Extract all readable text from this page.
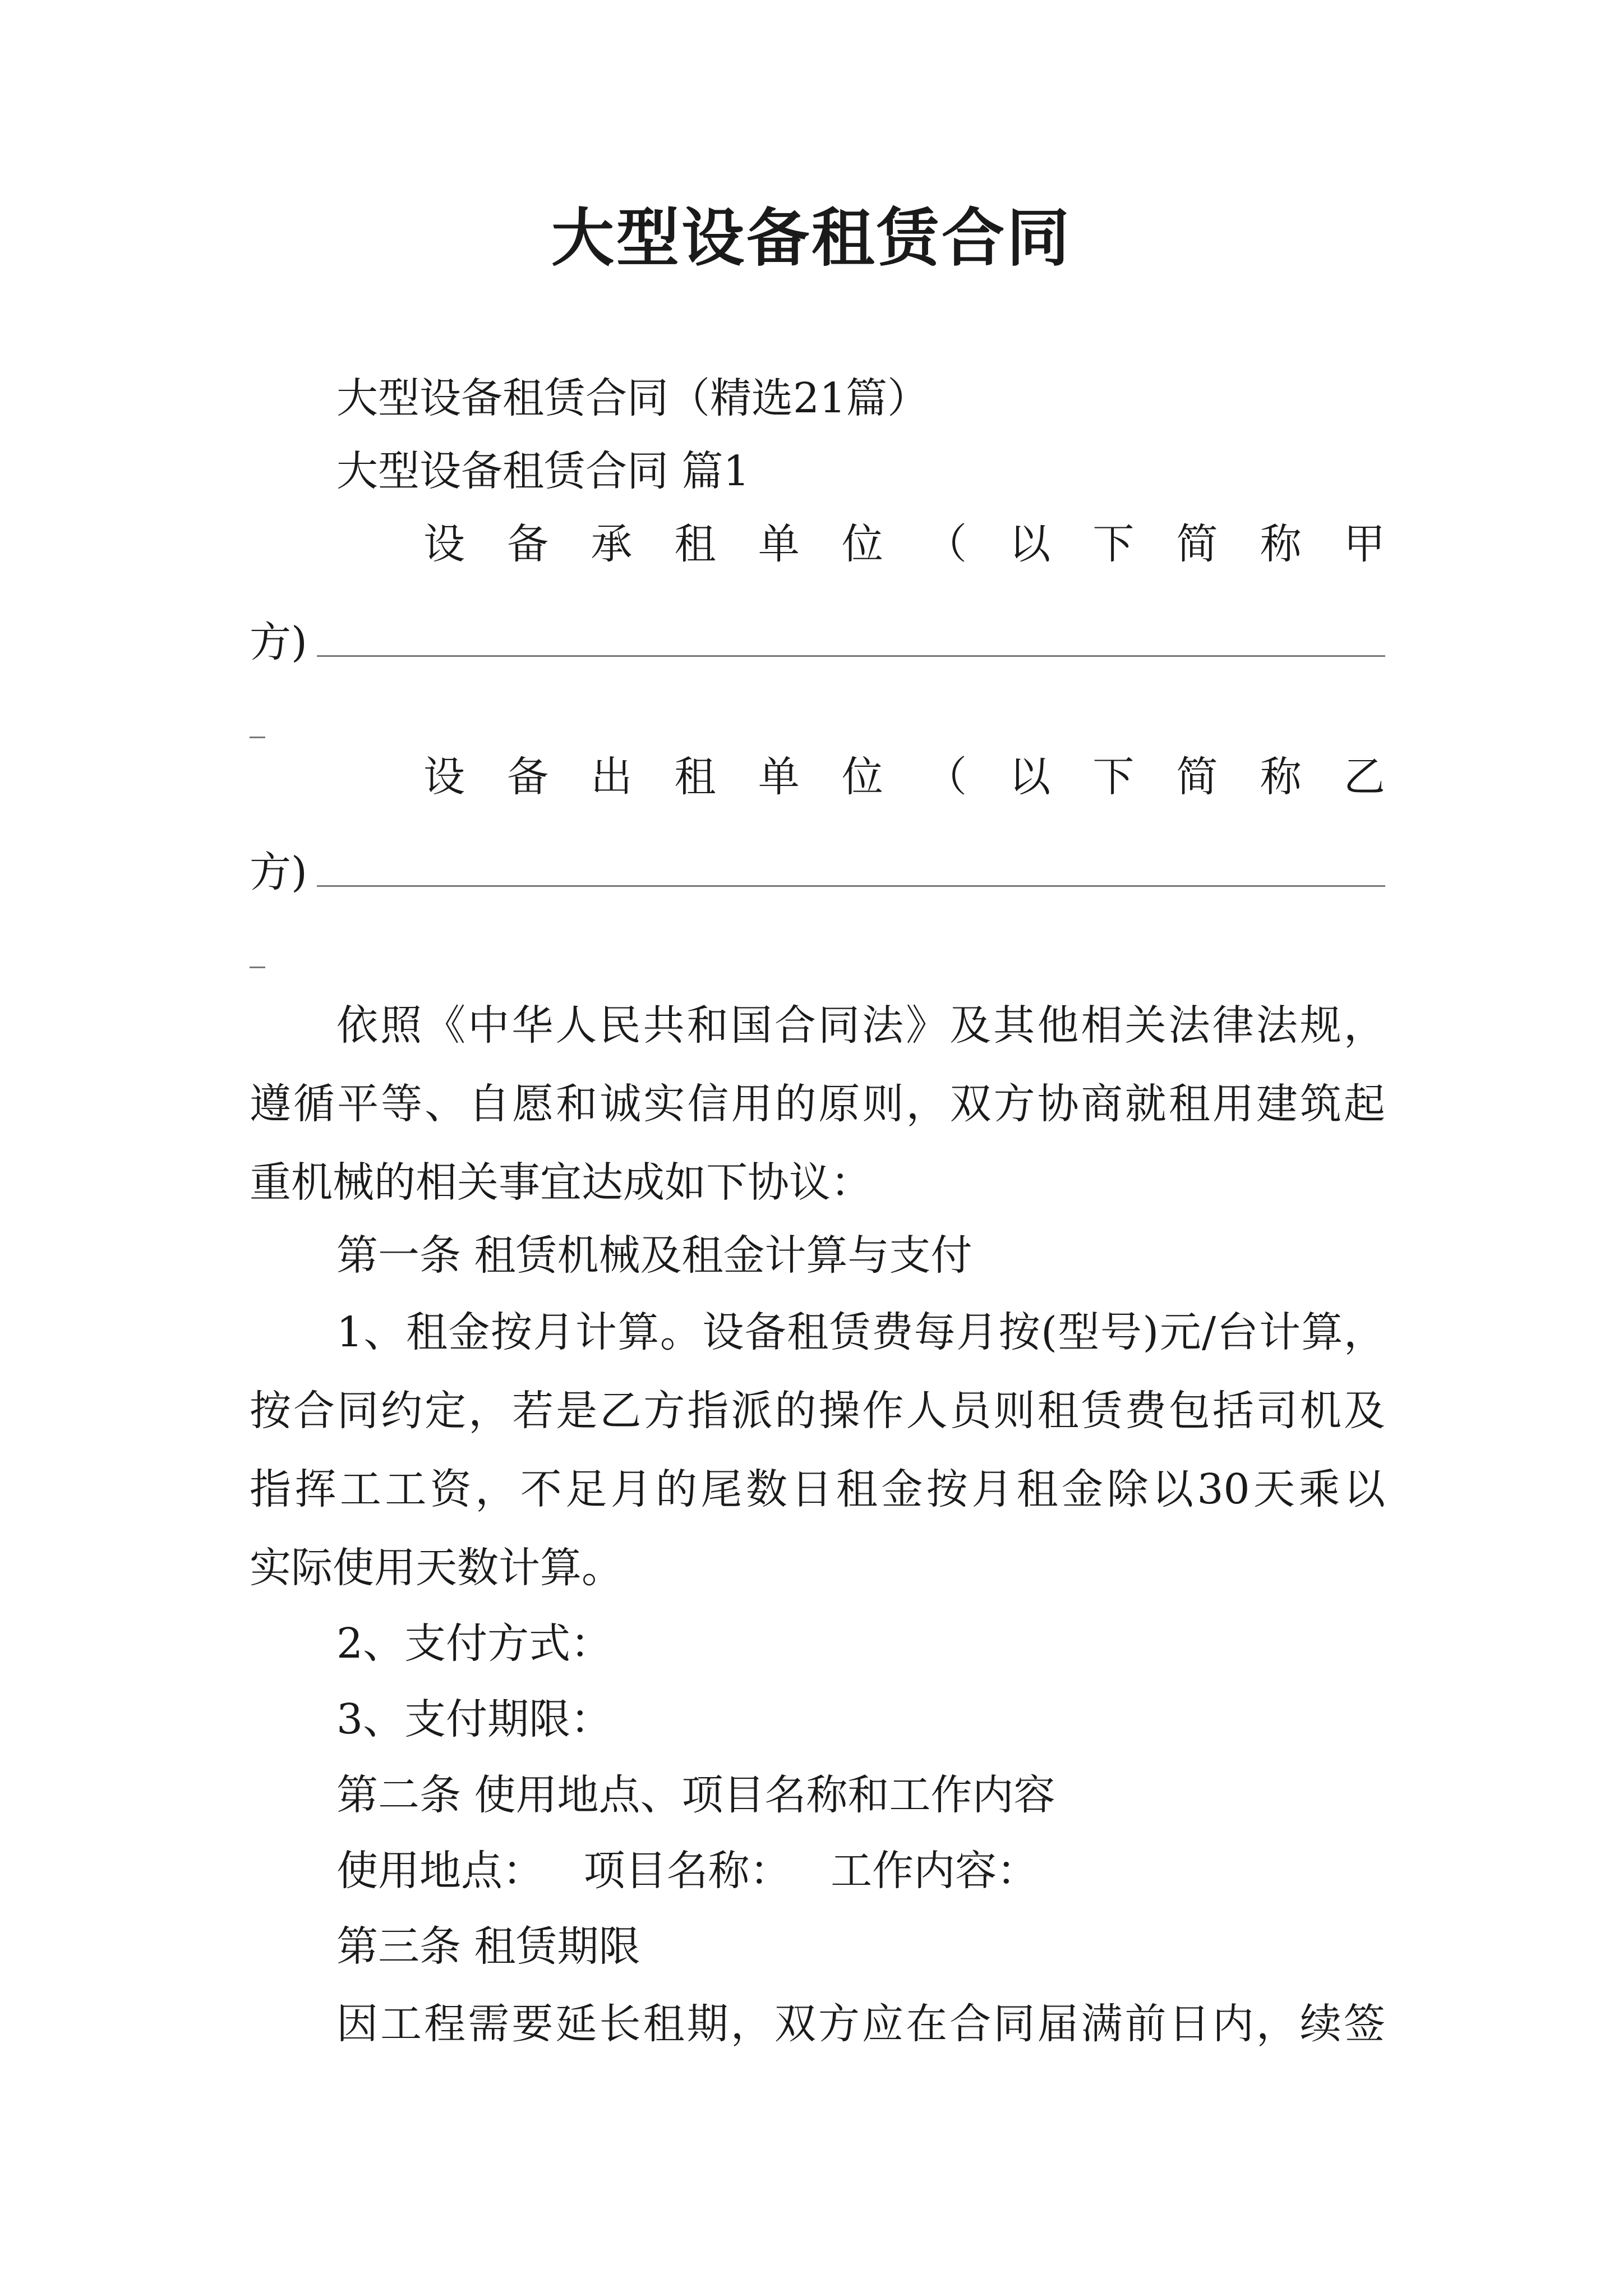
大型设备租赁合同
大型设备租赁合同（精选21篇）
大型设备租赁合同 篇1
设 备 承 租 单 位 （ 以 下 简 称 甲
方)
设 备 出 租 单 位 （ 以 下 简 称 乙
方)
依照《中华人民共和国合同法》及其他相关法律法规，
遵循平等、自愿和诚实信用的原则，双方协商就租用建筑起
重机械的相关事宜达成如下协议：
第一条 租赁机械及租金计算与支付
1、租金按月计算。设备租赁费每月按(型号)元/台计算，
按合同约定，若是乙方指派的操作人员则租赁费包括司机及
指挥工工资，不足月的尾数日租金按月租金除以30天乘以
实际使用天数计算。
2、支付方式：
3、支付期限：
第二条 使用地点、项目名称和工作内容
使用地点：   项目名称：   工作内容：
第三条 租赁期限
因工程需要延长租期，双方应在合同届满前日内，续签
